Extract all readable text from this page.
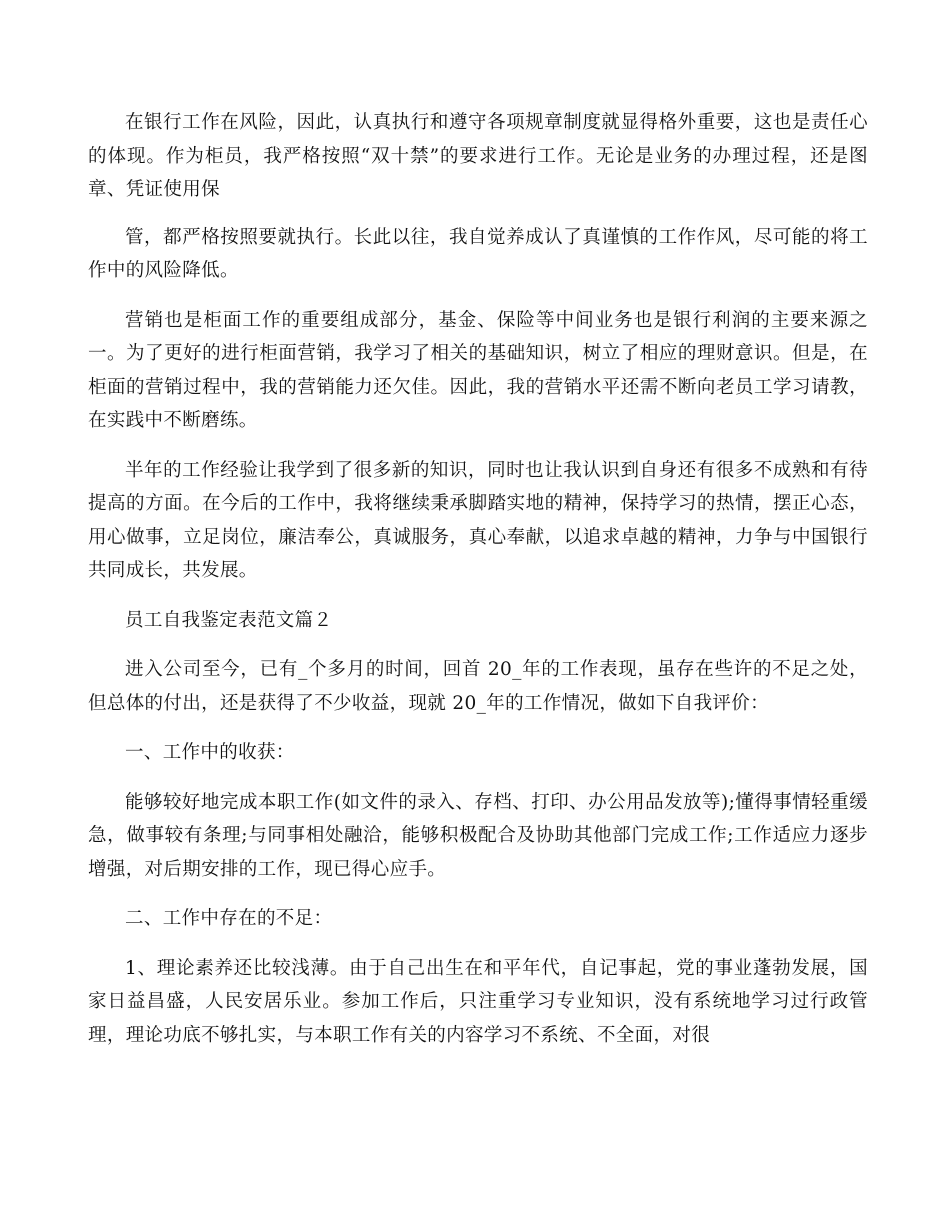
在银行工作在风险，因此，认真执行和遵守各项规章制度就显得格外重要，这也是责任心的体现。作为柜员，我严格按照“双十禁”的要求进行工作。无论是业务的办理过程，还是图章、凭证使用保

管，都严格按照要就执行。长此以往，我自觉养成认了真谨慎的工作作风，尽可能的将工作中的风险降低。

营销也是柜面工作的重要组成部分，基金、保险等中间业务也是银行利润的主要来源之一。为了更好的进行柜面营销，我学习了相关的基础知识，树立了相应的理财意识。但是，在柜面的营销过程中，我的营销能力还欠佳。因此，我的营销水平还需不断向老员工学习请教，在实践中不断磨练。

半年的工作经验让我学到了很多新的知识，同时也让我认识到自身还有很多不成熟和有待提高的方面。在今后的工作中，我将继续秉承脚踏实地的精神，保持学习的热情，摆正心态，用心做事，立足岗位，廉洁奉公，真诚服务，真心奉献，以追求卓越的精神，力争与中国银行共同成长，共发展。

员工自我鉴定表范文篇２

进入公司至今，已有_个多月的时间，回首 20_年的工作表现，虽存在些许的不足之处，但总体的付出，还是获得了不少收益，现就 20_年的工作情况，做如下自我评价：

一、工作中的收获：

能够较好地完成本职工作(如文件的录入、存档、打印、办公用品发放等);懂得事情轻重缓急，做事较有条理;与同事相处融洽，能够积极配合及协助其他部门完成工作;工作适应力逐步增强，对后期安排的工作，现已得心应手。

二、工作中存在的不足：

1、理论素养还比较浅薄。由于自己出生在和平年代，自记事起，党的事业蓬勃发展，国家日益昌盛，人民安居乐业。参加工作后，只注重学习专业知识，没有系统地学习过行政管理，理论功底不够扎实，与本职工作有关的内容学习不系统、不全面，对很
